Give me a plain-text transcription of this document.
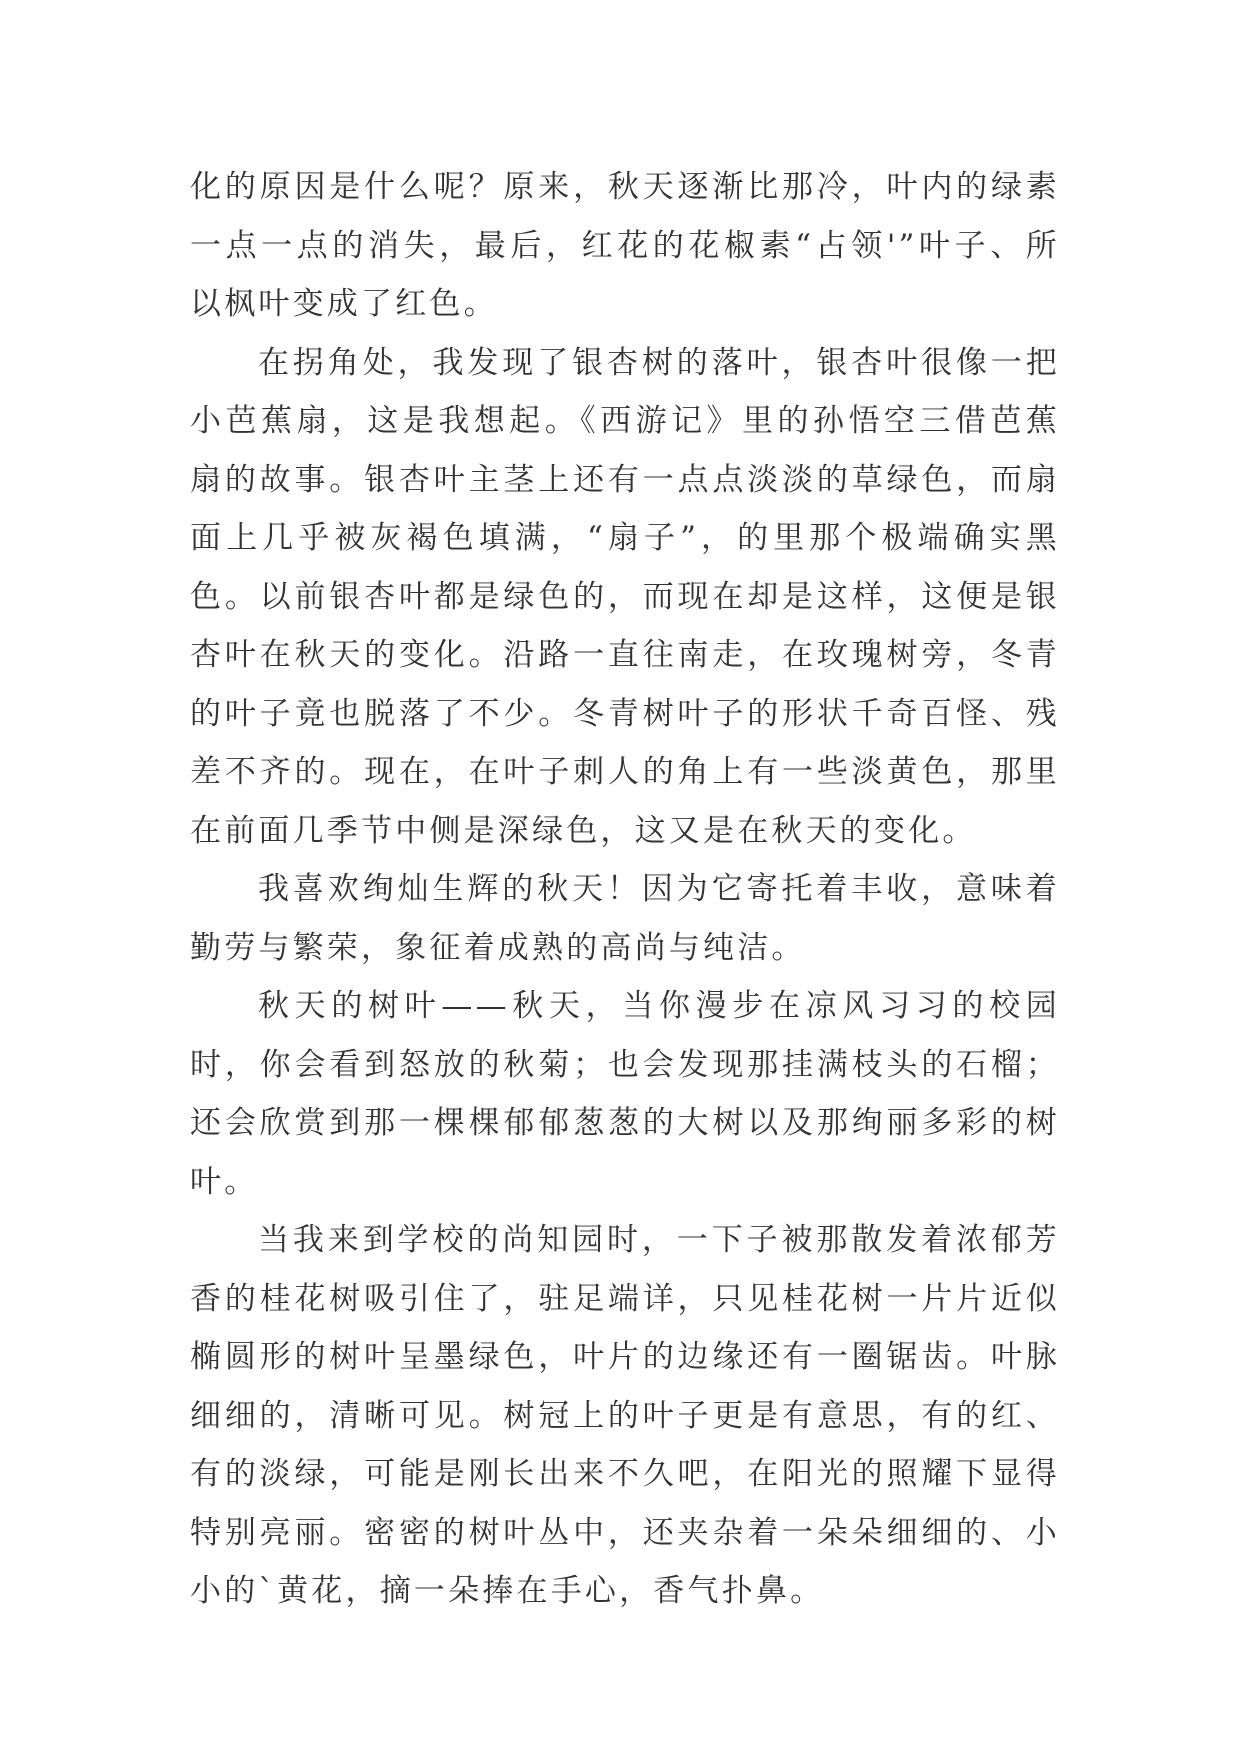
化的原因是什么呢？原来，秋天逐渐比那冷，叶内的绿素一点一点的消失，最后，红花的花椒素“占领'”叶子、所以枫叶变成了红色。

在拐角处，我发现了银杏树的落叶，银杏叶很像一把小芭蕉扇，这是我想起。《西游记》里的孙悟空三借芭蕉扇的故事。银杏叶主茎上还有一点点淡淡的草绿色，而扇面上几乎被灰褐色填满，“扇子”，的里那个极端确实黑色。以前银杏叶都是绿色的，而现在却是这样，这便是银杏叶在秋天的变化。沿路一直往南走，在玫瑰树旁，冬青的叶子竟也脱落了不少。冬青树叶子的形状千奇百怪、残差不齐的。现在，在叶子刺人的角上有一些淡黄色，那里在前面几季节中侧是深绿色，这又是在秋天的变化。

我喜欢绚灿生辉的秋天！因为它寄托着丰收，意味着勤劳与繁荣，象征着成熟的高尚与纯洁。

秋天的树叶——秋天，当你漫步在凉风习习的校园时，你会看到怒放的秋菊；也会发现那挂满枝头的石榴；还会欣赏到那一棵棵郁郁葱葱的大树以及那绚丽多彩的树叶。

当我来到学校的尚知园时，一下子被那散发着浓郁芳香的桂花树吸引住了，驻足端详，只见桂花树一片片近似椭圆形的树叶呈墨绿色，叶片的边缘还有一圈锯齿。叶脉细细的，清晰可见。树冠上的叶子更是有意思，有的红、有的淡绿，可能是刚长出来不久吧，在阳光的照耀下显得特别亮丽。密密的树叶丛中，还夹杂着一朵朵细细的、小小的`黄花，摘一朵捧在手心，香气扑鼻。
